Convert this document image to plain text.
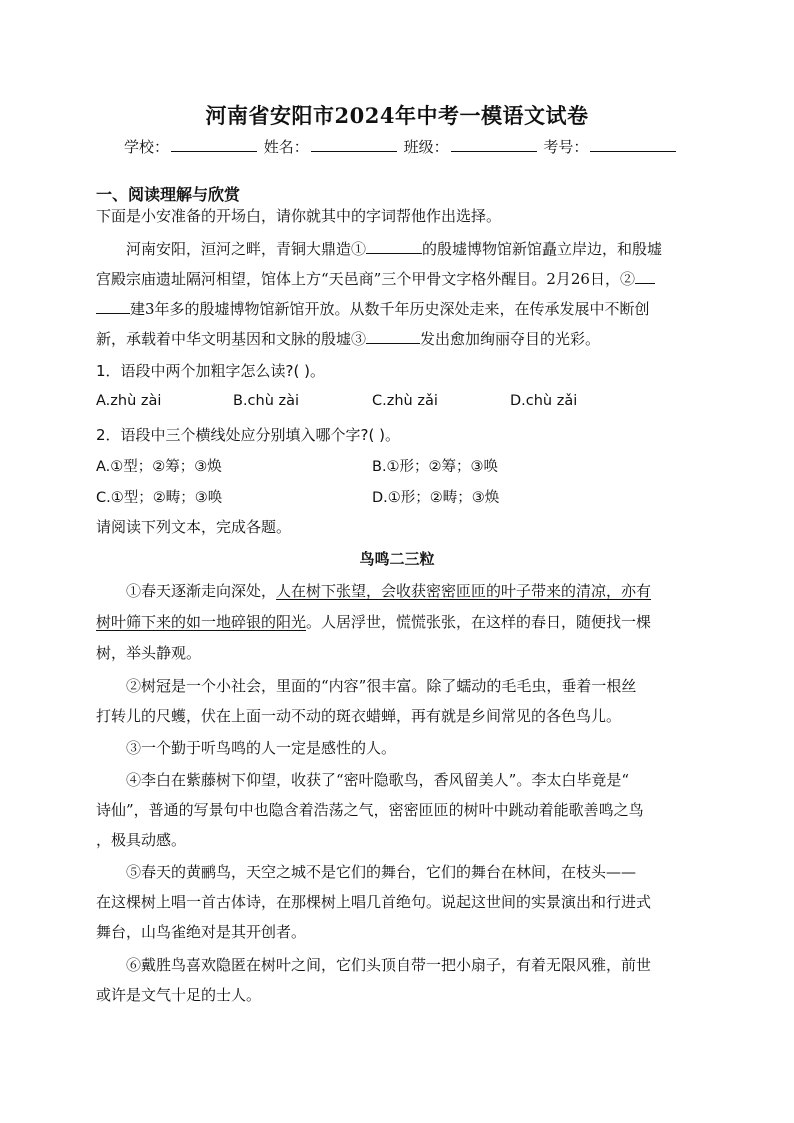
河南省安阳市2024年中考一模语文试卷
学校：	姓名：	班级：	考号：
一、阅读理解与欣赏
下面是小安准备的开场白，请你就其中的字词帮他作出选择。
河南安阳，洹河之畔，青铜大鼎造①	的殷墟博物馆新馆矗立岸边，和殷墟
宫殿宗庙遗址隔河相望，馆体上方“天邑商”三个甲骨文字格外醒目。2月26日，②
建3年多的殷墟博物馆新馆开放。从数千年历史深处走来，在传承发展中不断创
新，承载着中华文明基因和文脉的殷墟③	发出愈加绚丽夺目的光彩。
1．语段中两个加粗字怎么读?( )。
A.zhù zài	B.chù zài	C.zhù zǎi	D.chù zǎi
2．语段中三个横线处应分别填入哪个字?( )。
A.①型；②筹；③焕	B.①形；②筹；③唤
C.①型；②畴；③唤	D.①形；②畴；③焕
请阅读下列文本，完成各题。
鸟鸣二三粒
①春天逐渐走向深处，人在树下张望，会收获密密匝匝的叶子带来的清凉，亦有
树叶筛下来的如一地碎银的阳光。人居浮世，慌慌张张，在这样的春日，随便找一棵
树，举头静观。
②树冠是一个小社会，里面的“内容”很丰富。除了蠕动的毛毛虫，垂着一根丝
打转儿的尺蠖，伏在上面一动不动的斑衣蜡蝉，再有就是乡间常见的各色鸟儿。
③一个勤于听鸟鸣的人一定是感性的人。
④李白在紫藤树下仰望，收获了“密叶隐歌鸟，香风留美人”。李太白毕竟是“
诗仙”，普通的写景句中也隐含着浩荡之气，密密匝匝的树叶中跳动着能歌善鸣之鸟
，极具动感。
⑤春天的黄鹂鸟，天空之城不是它们的舞台，它们的舞台在林间，在枝头——
在这棵树上唱一首古体诗，在那棵树上唱几首绝句。说起这世间的实景演出和行进式
舞台，山鸟雀绝对是其开创者。
⑥戴胜鸟喜欢隐匿在树叶之间，它们头顶自带一把小扇子，有着无限风雅，前世
或许是文气十足的士人。
